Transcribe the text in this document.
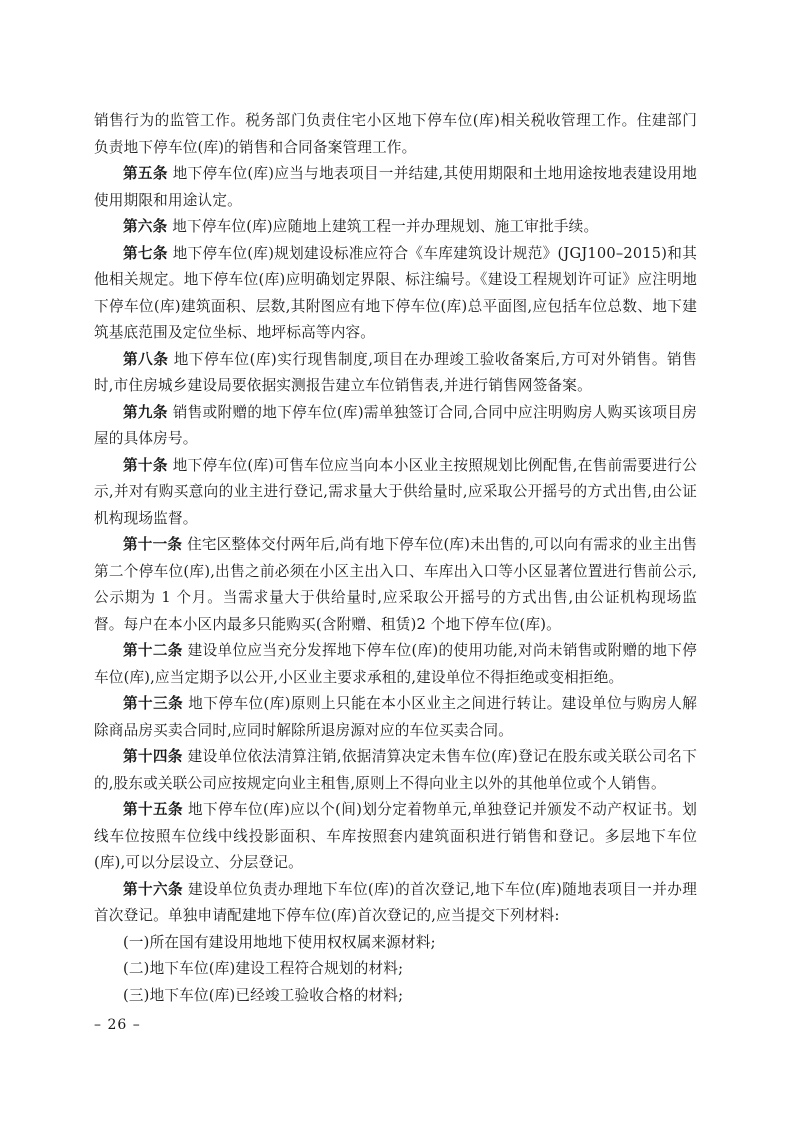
销售行为的监管工作。税务部门负责住宅小区地下停车位(库)相关税收管理工作。住建部门负责地下停车位(库)的销售和合同备案管理工作。

第五条 地下停车位(库)应当与地表项目一并结建,其使用期限和土地用途按地表建设用地使用期限和用途认定。

第六条 地下停车位(库)应随地上建筑工程一并办理规划、施工审批手续。

第七条 地下停车位(库)规划建设标准应符合《车库建筑设计规范》(JGJ100–2015)和其他相关规定。地下停车位(库)应明确划定界限、标注编号。《建设工程规划许可证》应注明地下停车位(库)建筑面积、层数,其附图应有地下停车位(库)总平面图,应包括车位总数、地下建筑基底范围及定位坐标、地坪标高等内容。

第八条 地下停车位(库)实行现售制度,项目在办理竣工验收备案后,方可对外销售。销售时,市住房城乡建设局要依据实测报告建立车位销售表,并进行销售网签备案。

第九条 销售或附赠的地下停车位(库)需单独签订合同,合同中应注明购房人购买该项目房屋的具体房号。

第十条 地下停车位(库)可售车位应当向本小区业主按照规划比例配售,在售前需要进行公示,并对有购买意向的业主进行登记,需求量大于供给量时,应采取公开摇号的方式出售,由公证机构现场监督。

第十一条 住宅区整体交付两年后,尚有地下停车位(库)未出售的,可以向有需求的业主出售第二个停车位(库),出售之前必须在小区主出入口、车库出入口等小区显著位置进行售前公示,公示期为 1 个月。当需求量大于供给量时,应采取公开摇号的方式出售,由公证机构现场监督。每户在本小区内最多只能购买(含附赠、租赁)2 个地下停车位(库)。

第十二条 建设单位应当充分发挥地下停车位(库)的使用功能,对尚未销售或附赠的地下停车位(库),应当定期予以公开,小区业主要求承租的,建设单位不得拒绝或变相拒绝。

第十三条 地下停车位(库)原则上只能在本小区业主之间进行转让。建设单位与购房人解除商品房买卖合同时,应同时解除所退房源对应的车位买卖合同。

第十四条 建设单位依法清算注销,依据清算决定未售车位(库)登记在股东或关联公司名下的,股东或关联公司应按规定向业主租售,原则上不得向业主以外的其他单位或个人销售。

第十五条 地下停车位(库)应以个(间)划分定着物单元,单独登记并颁发不动产权证书。划线车位按照车位线中线投影面积、车库按照套内建筑面积进行销售和登记。多层地下车位(库),可以分层设立、分层登记。

第十六条 建设单位负责办理地下车位(库)的首次登记,地下车位(库)随地表项目一并办理首次登记。单独申请配建地下停车位(库)首次登记的,应当提交下列材料:

(一)所在国有建设用地地下使用权权属来源材料;

(二)地下车位(库)建设工程符合规划的材料;

(三)地下车位(库)已经竣工验收合格的材料;

– 26 –
